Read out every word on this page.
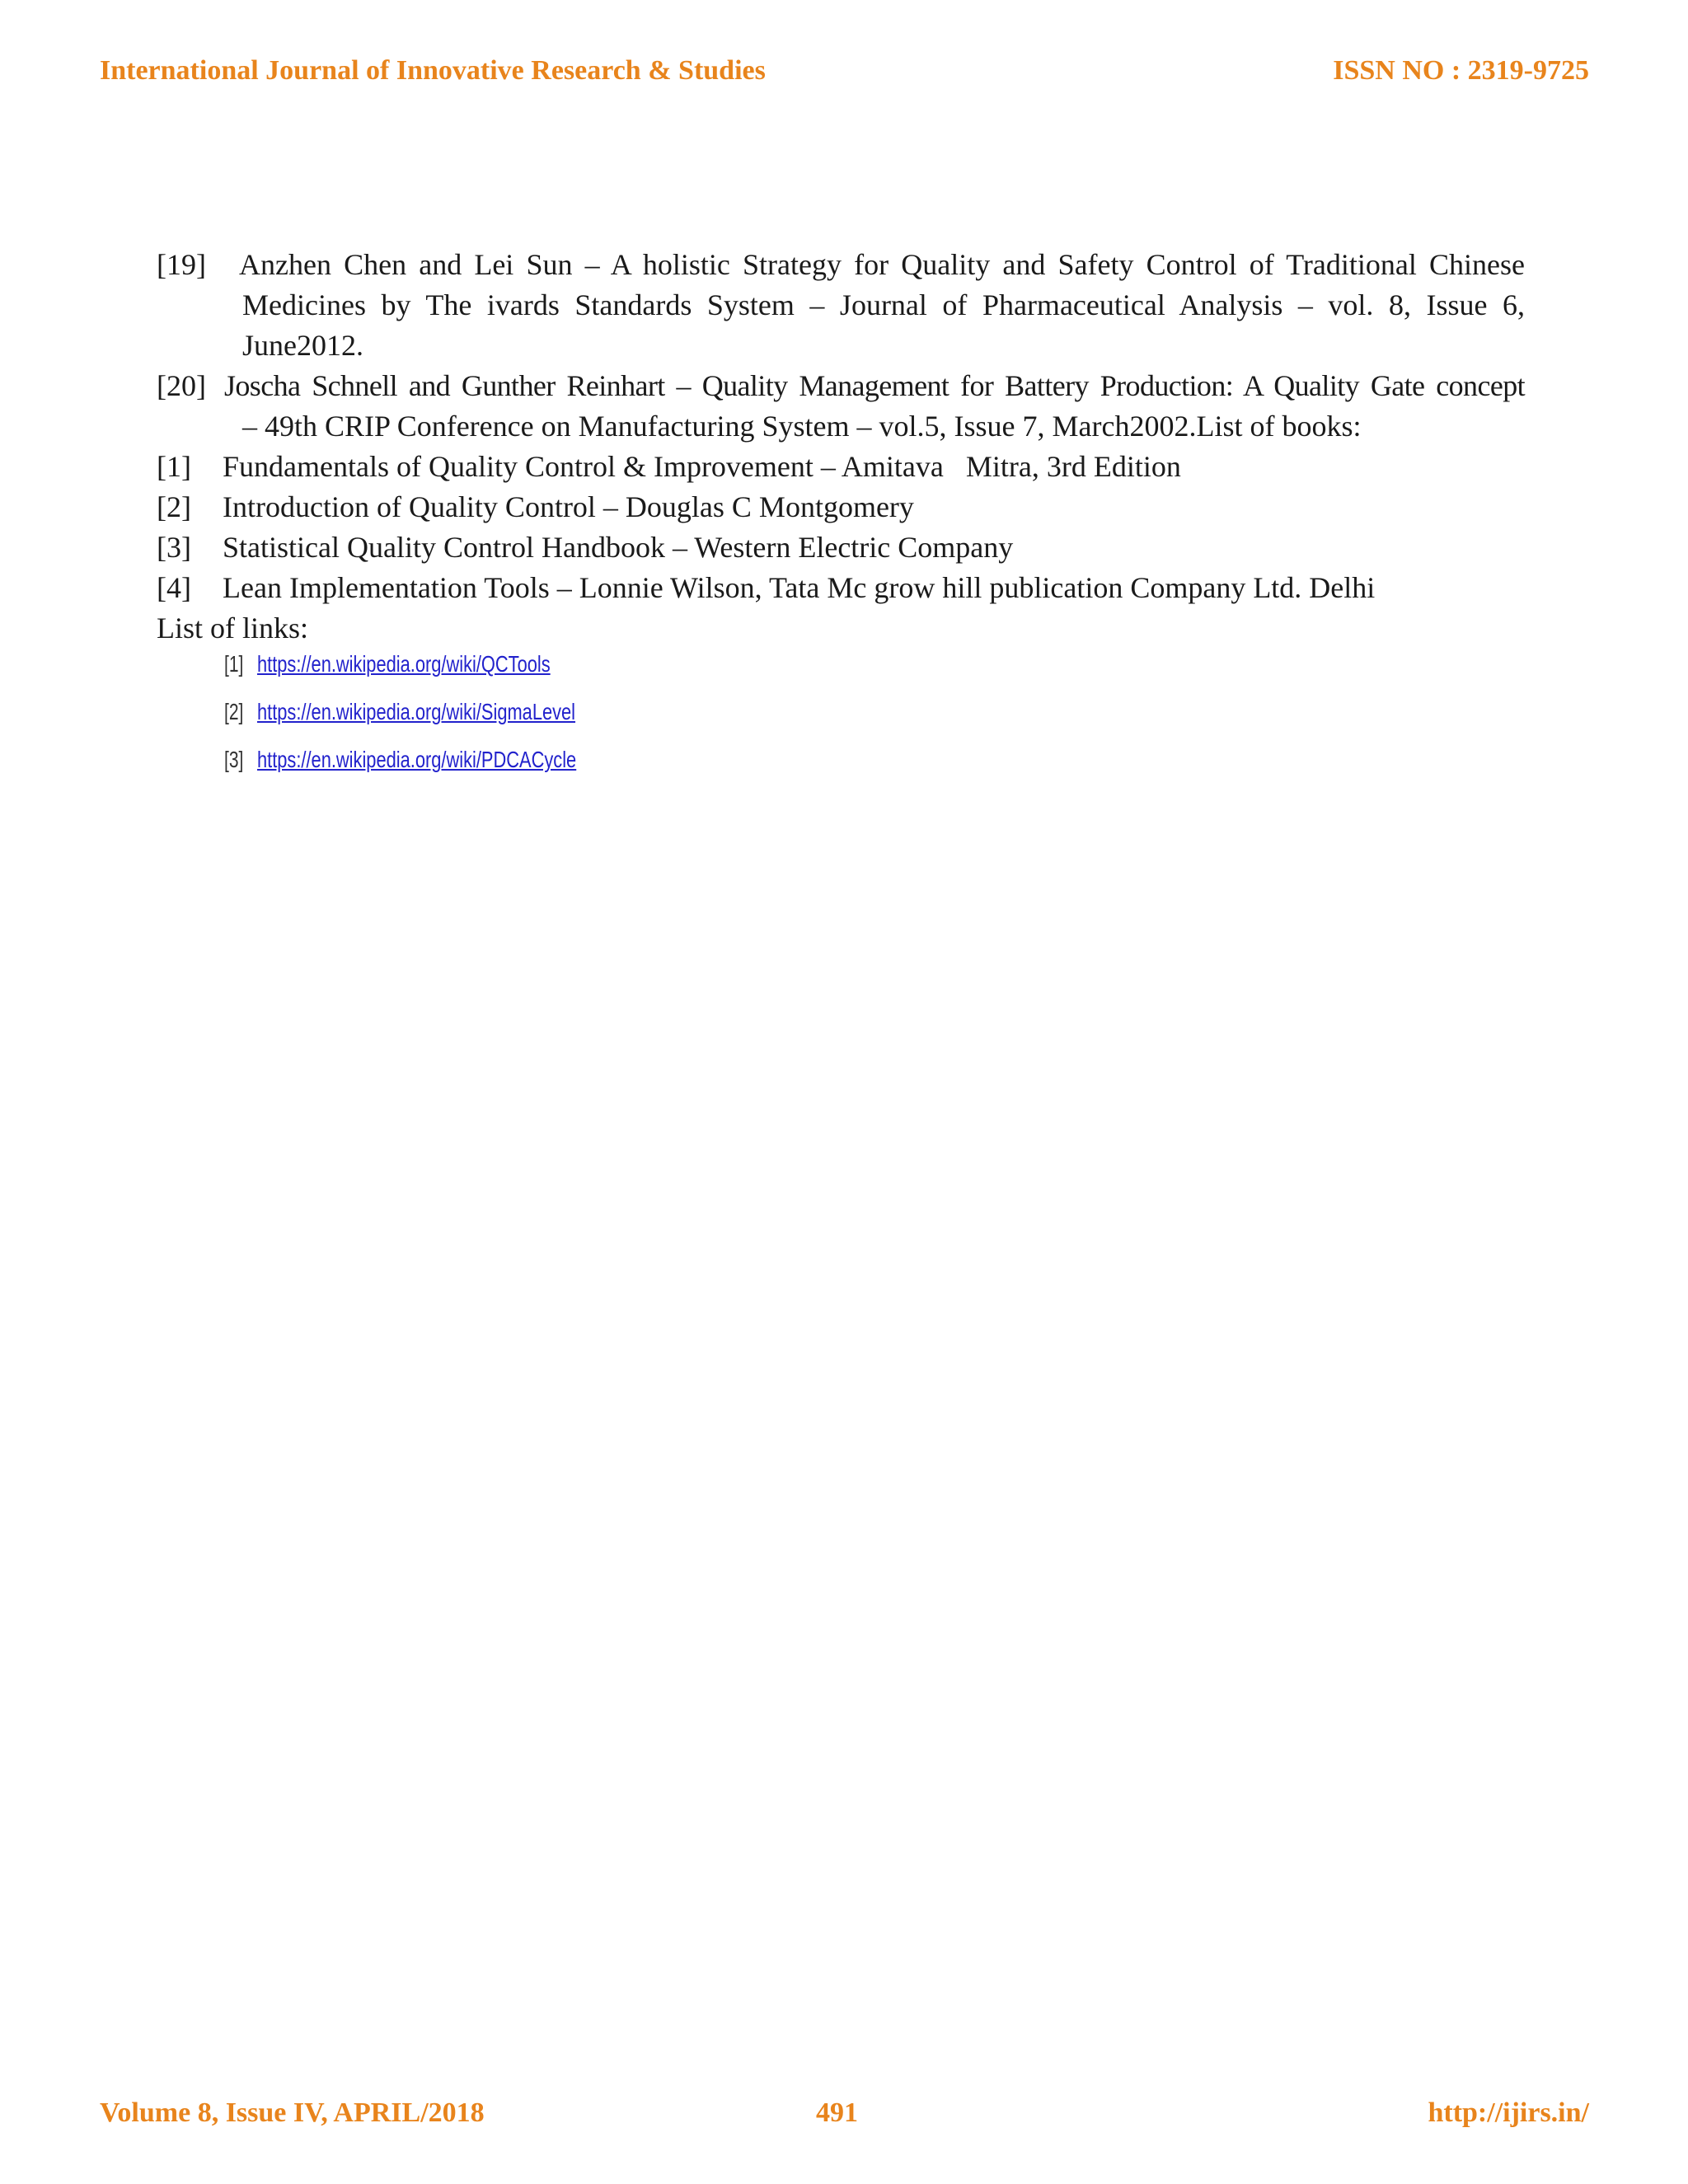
International Journal of Innovative Research & Studies	ISSN NO : 2319-9725
[19] Anzhen Chen and Lei Sun – A holistic Strategy for Quality and Safety Control of Traditional Chinese
Medicines by The ivards Standards System – Journal of Pharmaceutical Analysis – vol. 8, Issue 6,
June2012.
[20] Joscha Schnell and Gunther Reinhart – Quality Management for Battery Production: A Quality Gate concept
– 49th CRIP Conference on Manufacturing System – vol.5, Issue 7, March2002.List of books:
[1] Fundamentals of Quality Control & Improvement – Amitava   Mitra, 3rd Edition
[2] Introduction of Quality Control – Douglas C Montgomery
[3] Statistical Quality Control Handbook – Western Electric Company
[4] Lean Implementation Tools – Lonnie Wilson, Tata Mc grow hill publication Company Ltd. Delhi
List of links:
[1] https://en.wikipedia.org/wiki/QCTools
[2] https://en.wikipedia.org/wiki/SigmaLevel
[3] https://en.wikipedia.org/wiki/PDCACycle
Volume 8, Issue IV, APRIL/2018	491	http://ijirs.in/
